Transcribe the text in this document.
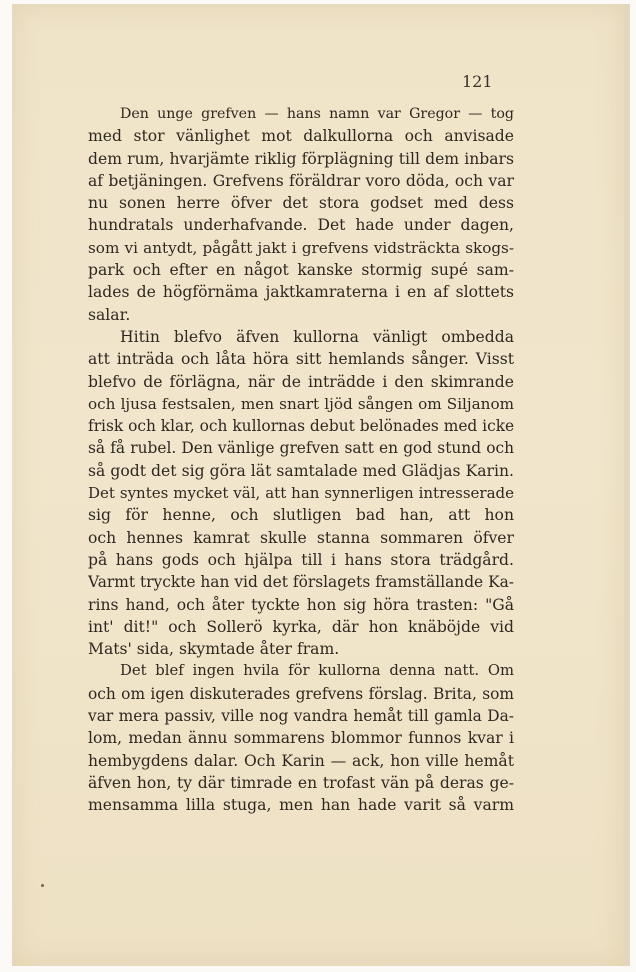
121

Den unge grefven — hans namn var Gregor — tog
med stor vänlighet mot dalkullorna och anvisade
dem rum, hvarjämte riklig förplägning till dem inbars
af betjäningen. Grefvens föräldrar voro döda, och var
nu sonen herre öfver det stora godset med dess
hundratals underhafvande. Det hade under dagen,
som vi antydt, pågått jakt i grefvens vidsträckta skogs-
park och efter en något kanske stormig supé sam-
lades de högförnäma jaktkamraterna i en af slottets
salar.

Hitin blefvo äfven kullorna vänligt ombedda
att inträda och låta höra sitt hemlands sånger. Visst
blefvo de förlägna, när de inträdde i den skimrande
och ljusa festsalen, men snart ljöd sången om Siljanom
frisk och klar, och kullornas debut belönades med icke
så få rubel. Den vänlige grefven satt en god stund och
så godt det sig göra lät samtalade med Glädjas Karin.
Det syntes mycket väl, att han synnerligen intresserade
sig för henne, och slutligen bad han, att hon
och hennes kamrat skulle stanna sommaren öfver
på hans gods och hjälpa till i hans stora trädgård.
Varmt tryckte han vid det förslagets framställande Ka-
rins hand, och åter tyckte hon sig höra trasten: "Gå
int' dit!" och Sollerö kyrka, där hon knäböjde vid
Mats' sida, skymtade åter fram.

Det blef ingen hvila för kullorna denna natt. Om
och om igen diskuterades grefvens förslag. Brita, som
var mera passiv, ville nog vandra hemåt till gamla Da-
lom, medan ännu sommarens blommor funnos kvar i
hembygdens dalar. Och Karin — ack, hon ville hemåt
äfven hon, ty där timrade en trofast vän på deras ge-
mensamma lilla stuga, men han hade varit så varm
